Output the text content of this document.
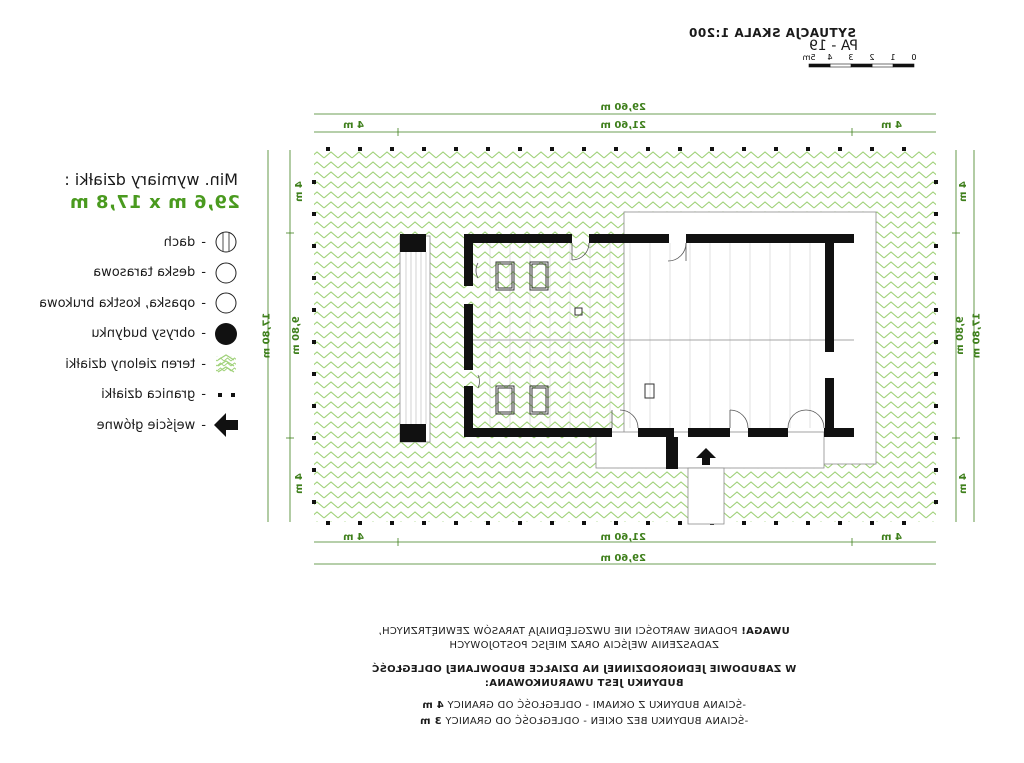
SYTUACJA SKALA 1:200
PA - 19
0
1
2
3
4
5m
Min. wymiary działki :
29,6 m x 17,8 m
-
dach
-
deska tarasowa
-
opaska, kostka brukowa
-
obrysy budynku
-
teren zielony działki
-
granica działki
-
wejście główne
29,60 m
4 m	21,60 m	4 m
4 m	21,60 m	4 m
29,60 m
4 m
9,80 m
4 m
17,80 m
4 m
9,80 m
4 m
17,80 m
UWAGA! PODANE WARTOŚCI NIE UWZGLĘDNIAJĄ TARASÓW ZEWNĘTRZNYCH,
ZADASZENIA WEJŚCIA ORAZ MIEJSC POSTOJOWYCH
W ZABUDOWIE JEDNORODZINNEJ NA DZIAŁCE BUDOWLANEJ ODLEGŁOŚĆ
BUDYNKU JEST UWARUNKOWANA:
-ŚCIANA BUDYNKU Z OKNAMI - ODLEGŁOŚĆ OD GRANICY 4 m
-ŚCIANA BUDYNKU BEZ OKIEN - ODLEGŁOŚĆ OD GRANICY 3 m
